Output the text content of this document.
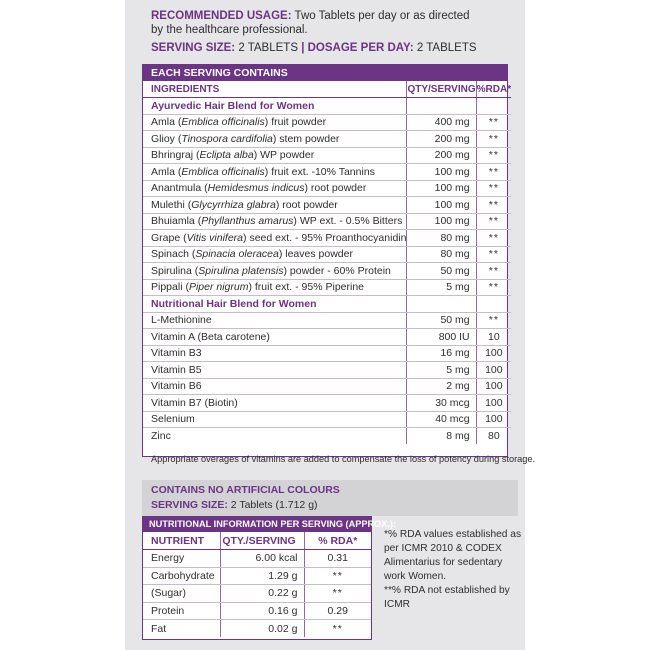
RECOMMENDED USAGE: Two Tablets per day or as directed by the healthcare professional.
SERVING SIZE: 2 TABLETS | DOSAGE PER DAY: 2 TABLETS
EACH SERVING CONTAINS
INGREDIENTS	QTY/SERVING	%RDA*
Ayurvedic Hair Blend for Women		
Amla (Emblica officinalis) fruit powder	400 mg	**
Glioy (Tinospora cardifolia) stem powder	200 mg	**
Bhringraj (Eclipta alba) WP powder	200 mg	**
Amla (Emblica officinalis) fruit ext. -10% Tannins	100 mg	**
Anantmula (Hemidesmus indicus) root powder	100 mg	**
Mulethi (Glycyrrhiza glabra) root powder	100 mg	**
Bhuiamla (Phyllanthus amarus) WP ext. - 0.5% Bitters	100 mg	**
Grape (Vitis vinifera) seed ext. - 95% Proanthocyanidin	80 mg	**
Spinach (Spinacia oleracea) leaves powder	80 mg	**
Spirulina (Spirulina platensis) powder - 60% Protein	50 mg	**
Pippali (Piper nigrum) fruit ext. - 95% Piperine	5 mg	**
Nutritional Hair Blend for Women		
L-Methionine	50 mg	**
Vitamin A (Beta carotene)	800 IU	10
Vitamin B3	16 mg	100
Vitamin B5	5 mg	100
Vitamin B6	2 mg	100
Vitamin B7 (Biotin)	30 mcg	100
Selenium	40 mcg	100
Zinc	8 mg	80
Appropriate overages of vitamins are added to compensate the loss of potency during storage.
CONTAINS NO ARTIFICIAL COLOURS
SERVING SIZE: 2 Tablets (1.712 g)
NUTRITIONAL INFORMATION PER SERVING (APPROX.):
NUTRIENT	QTY./SERVING	% RDA*
Energy	6.00 kcal	0.31
Carbohydrate	1.29 g	**
(Sugar)	0.22 g	**
Protein	0.16 g	0.29
Fat	0.02 g	**
*% RDA values established as per ICMR 2010 & CODEX Alimentarius for sedentary work Women.
**% RDA not established by ICMR
